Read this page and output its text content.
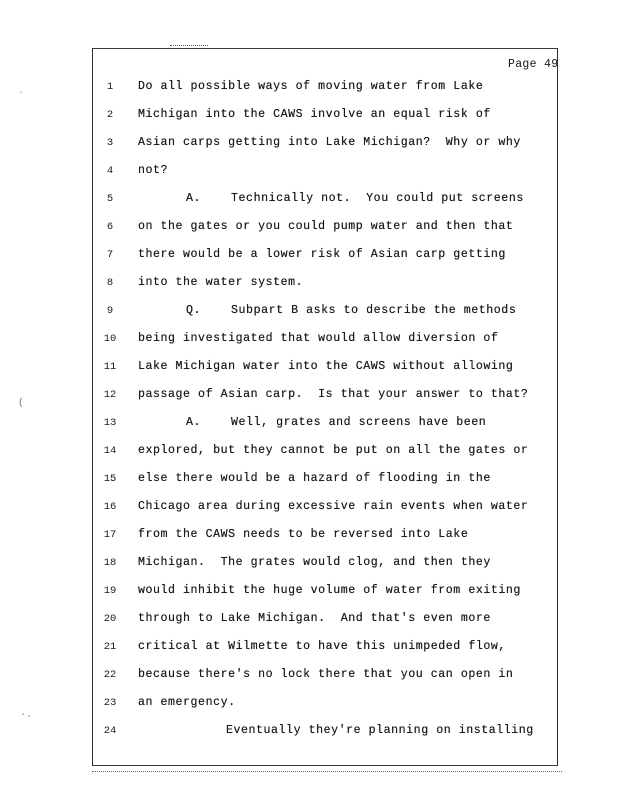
Page 49
1	Do all possible ways of moving water from Lake
2	Michigan into the CAWS involve an equal risk of
3	Asian carps getting into Lake Michigan?  Why or why
4	not?
5	A.    Technically not.  You could put screens
6	on the gates or you could pump water and then that
7	there would be a lower risk of Asian carp getting
8	into the water system.
9	Q.    Subpart B asks to describe the methods
10	being investigated that would allow diversion of
11	Lake Michigan water into the CAWS without allowing
12	passage of Asian carp.  Is that your answer to that?
13	A.    Well, grates and screens have been
14	explored, but they cannot be put on all the gates or
15	else there would be a hazard of flooding in the
16	Chicago area during excessive rain events when water
17	from the CAWS needs to be reversed into Lake
18	Michigan.  The grates would clog, and then they
19	would inhibit the huge volume of water from exiting
20	through to Lake Michigan.  And that's even more
21	critical at Wilmette to have this unimpeded flow,
22	because there's no lock there that you can open in
23	an emergency.
24	Eventually they're planning on installing
`
(
·.
